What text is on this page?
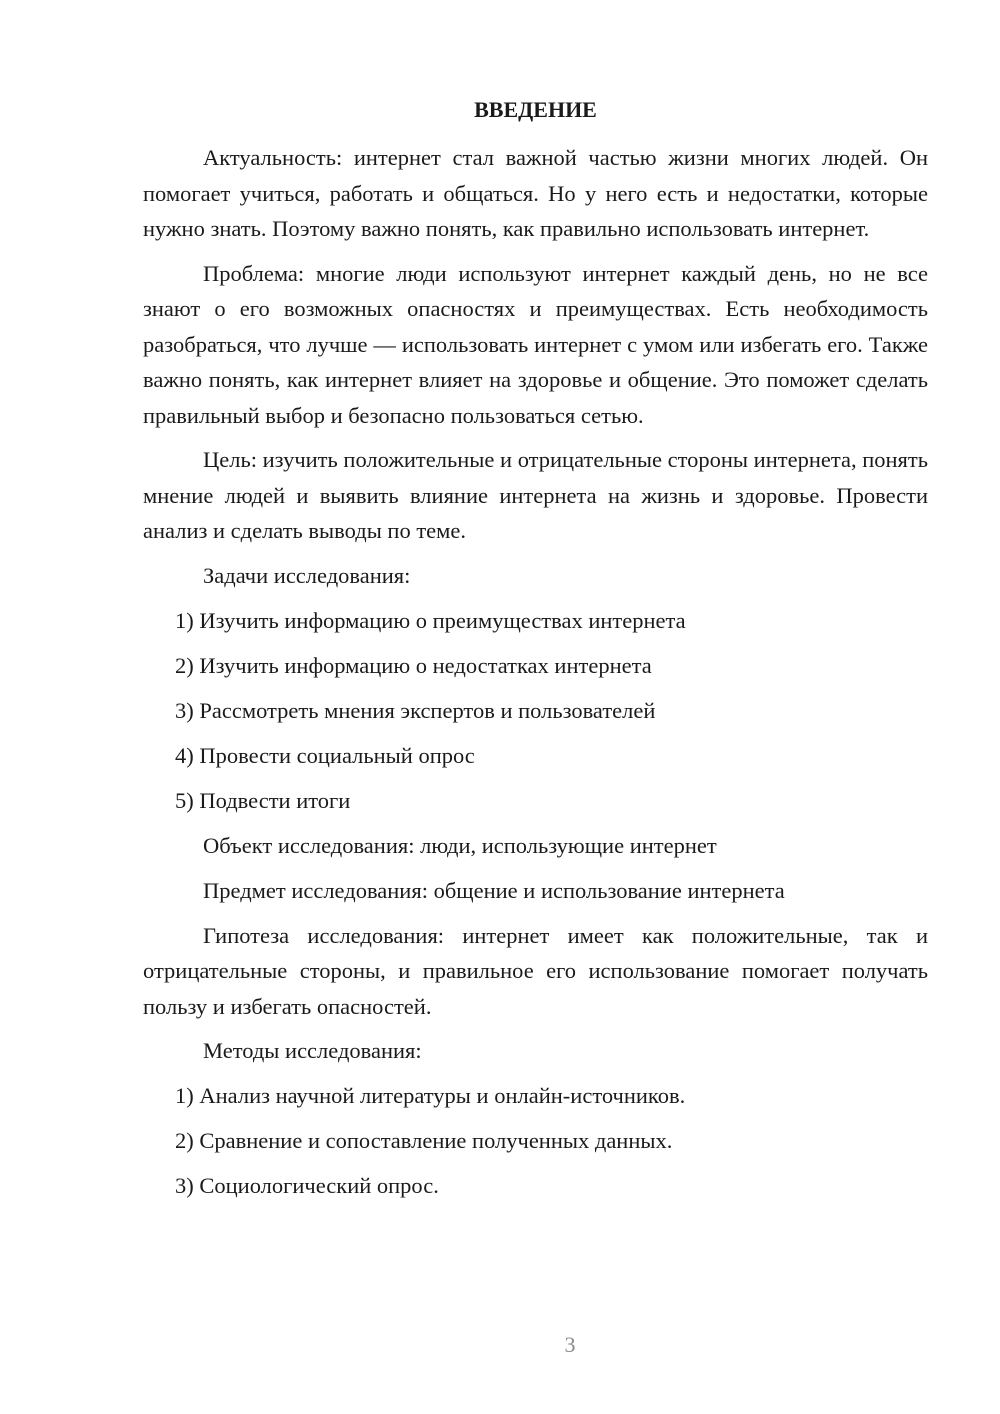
ВВЕДЕНИЕ

Актуальность: интернет стал важной частью жизни многих людей. Он помогает учиться, работать и общаться. Но у него есть и недостатки, которые нужно знать. Поэтому важно понять, как правильно использовать интернет.

Проблема: многие люди используют интернет каждый день, но не все знают о его возможных опасностях и преимуществах. Есть необходимость разобраться, что лучше — использовать интернет с умом или избегать его. Также важно понять, как интернет влияет на здоровье и общение. Это поможет сделать правильный выбор и безопасно пользоваться сетью.

Цель: изучить положительные и отрицательные стороны интернета, понять мнение людей и выявить влияние интернета на жизнь и здоровье. Провести анализ и сделать выводы по теме.

Задачи исследования:
1) Изучить информацию о преимуществах интернета
2) Изучить информацию о недостатках интернета
3) Рассмотреть мнения экспертов и пользователей
4) Провести социальный опрос
5) Подвести итоги
Объект исследования: люди, использующие интернет
Предмет исследования: общение и использование интернета

Гипотеза исследования: интернет имеет как положительные, так и отрицательные стороны, и правильное его использование помогает получать пользу и избегать опасностей.

Методы исследования:
1) Анализ научной литературы и онлайн-источников.
2) Сравнение и сопоставление полученных данных.
3) Социологический опрос.
3
